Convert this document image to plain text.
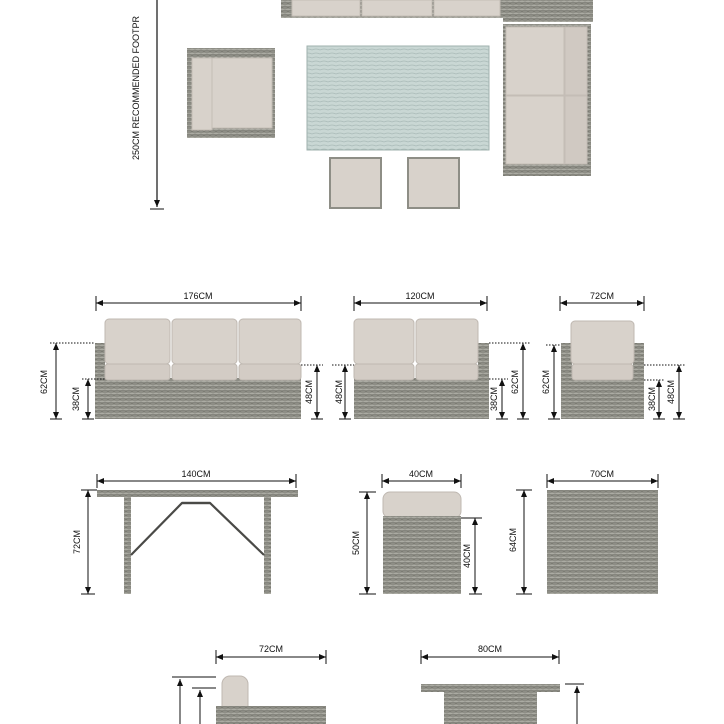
250CM RECOMMENDED FOOTPR
176CM
62CM
38CM	48CM
120CM
48CM	38CM
62CM
72CM
62CM
38CM 48CM
140CM
72CM
40CM
50CM
40CM
70CM
64CM
72CM	80CM
